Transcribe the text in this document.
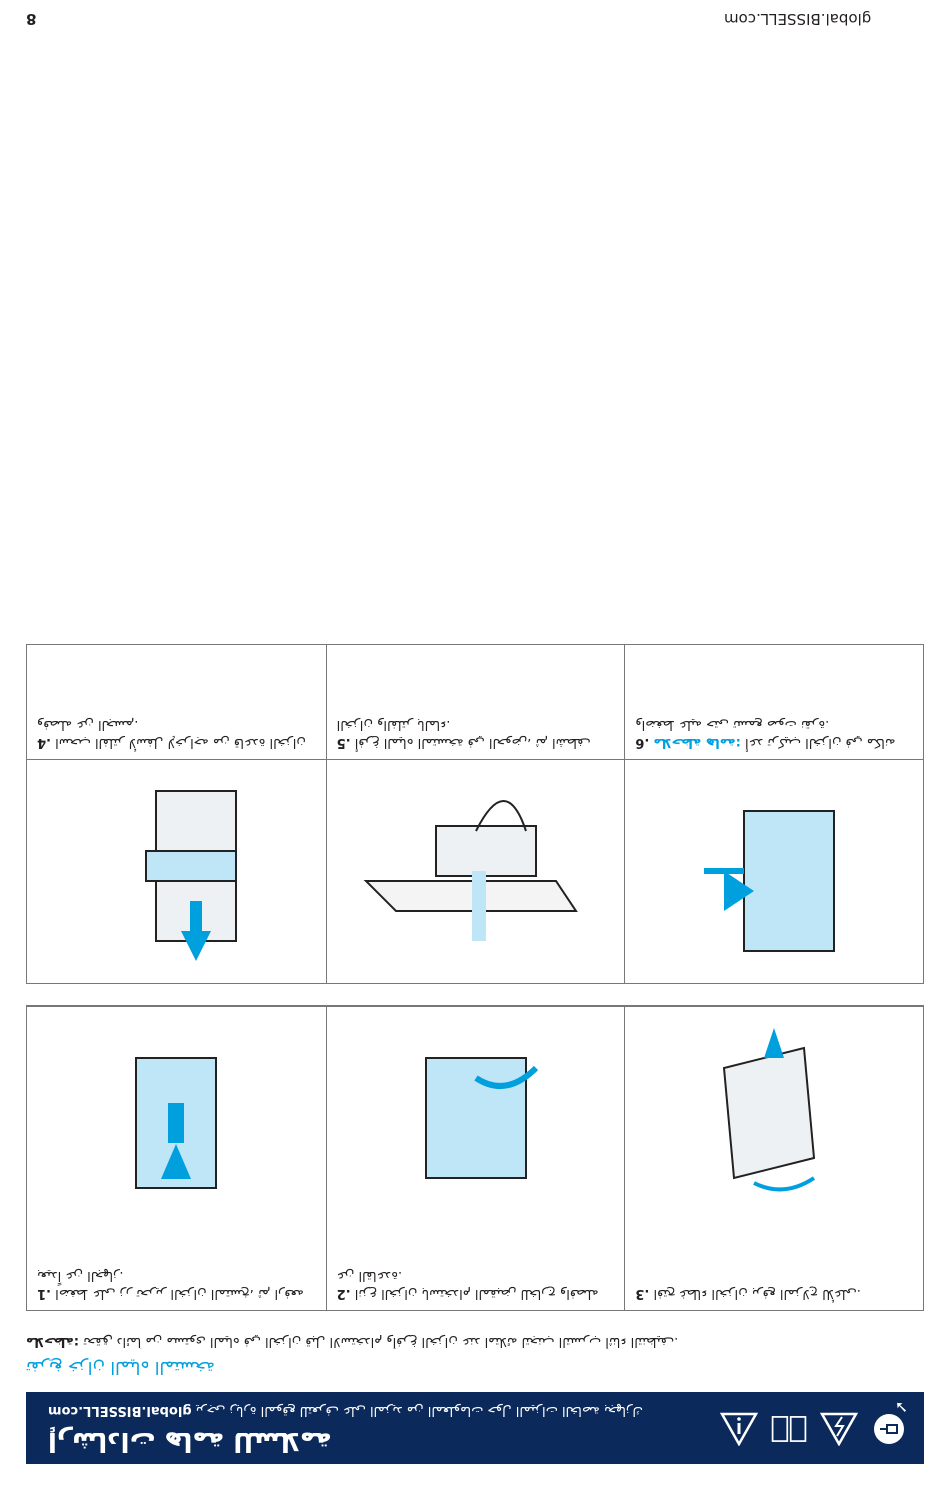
إرشادات هامة للسلامة
global.BISSELL.com يرجى زيارة الموقع للتعرف على المزيد من المعلومات حول الميزات الخاصة بجهازك	➘
تفريغ خزان المياه المتسخة
ملاحظة: تحقق دائماً من مستوى المياه في الخزان قبل الاستخدام وأفرغ الخزان عند امتلائه لتجنب التسرب أثناء التنظيف.
3. افتح غطاء الخزان برفع المزلاج للأعلى.
2. انزع الخزان باستخدام المقبض للخارج وافصله عن القاعدة.
1. اضغط على زر تحرير الخزان المتسخ، ثم ارفعه بعيداً عن الجهاز.
6. ملاحظة هامة: أعد تركيب الخزان في مكانه واضغط عليه حتى تسمع صوت نقرة.
5. أفرغ المياه المتسخة في الحوض، ثم اشطف الخزان والفلتر بالماء.
4. اسحب الفلتر لأسفل لإخراجه من قاعدة الخزان وفصله عن الجسم.
global.BISSELL.com
8
